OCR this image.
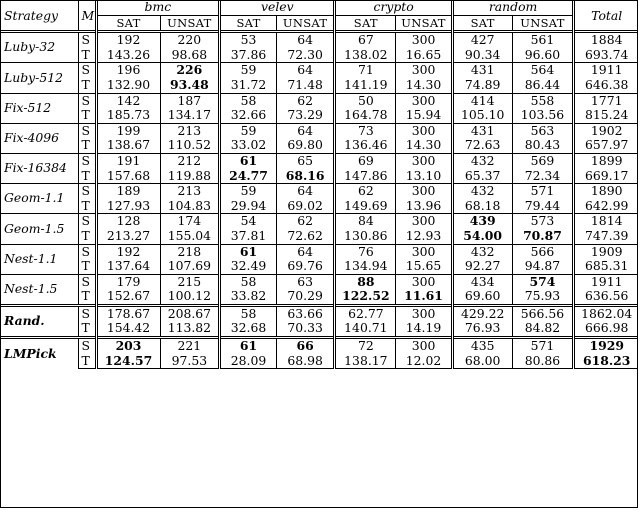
Strategy	M	bmc		velev		crypto		random		Total
		SAT	UNSAT	SAT	UNSAT	SAT	UNSAT	SAT	UNSAT	
Luby-32	S	192	220	53	64	67	300	427	561	1884
	T	143.26	98.68	37.86	72.30	138.02	16.65	90.34	96.60	693.74
Luby-512	S	196	226	59	64	71	300	431	564	1911
	T	132.90	93.48	31.72	71.48	141.19	14.30	74.89	86.44	646.38
Fix-512	S	142	187	58	62	50	300	414	558	1771
	T	185.73	134.17	32.66	73.29	164.78	15.94	105.10	103.56	815.24
Fix-4096	S	199	213	59	64	73	300	431	563	1902
	T	138.67	110.52	33.02	69.80	136.46	14.30	72.63	80.43	657.97
Fix-16384	S	191	212	61	65	69	300	432	569	1899
	T	157.68	119.88	24.77	68.16	147.86	13.10	65.37	72.34	669.17
Geom-1.1	S	189	213	59	64	62	300	432	571	1890
	T	127.93	104.83	29.94	69.02	149.69	13.96	68.18	79.44	642.99
Geom-1.5	S	128	174	54	62	84	300	439	573	1814
	T	213.27	155.04	37.81	72.62	130.86	12.93	54.00	70.87	747.39
Nest-1.1	S	192	218	61	64	76	300	432	566	1909
	T	137.64	107.69	32.49	69.76	134.94	15.65	92.27	94.87	685.31
Nest-1.5	S	179	215	58	63	88	300	434	574	1911
	T	152.67	100.12	33.82	70.29	122.52	11.61	69.60	75.93	636.56
Rand.	S	178.67	208.67	58	63.66	62.77	300	429.22	566.56	1862.04
	T	154.42	113.82	32.68	70.33	140.71	14.19	76.93	84.82	666.98
LMPick	S	203	221	61	66	72	300	435	571	1929
	T	124.57	97.53	28.09	68.98	138.17	12.02	68.00	80.86	618.23
